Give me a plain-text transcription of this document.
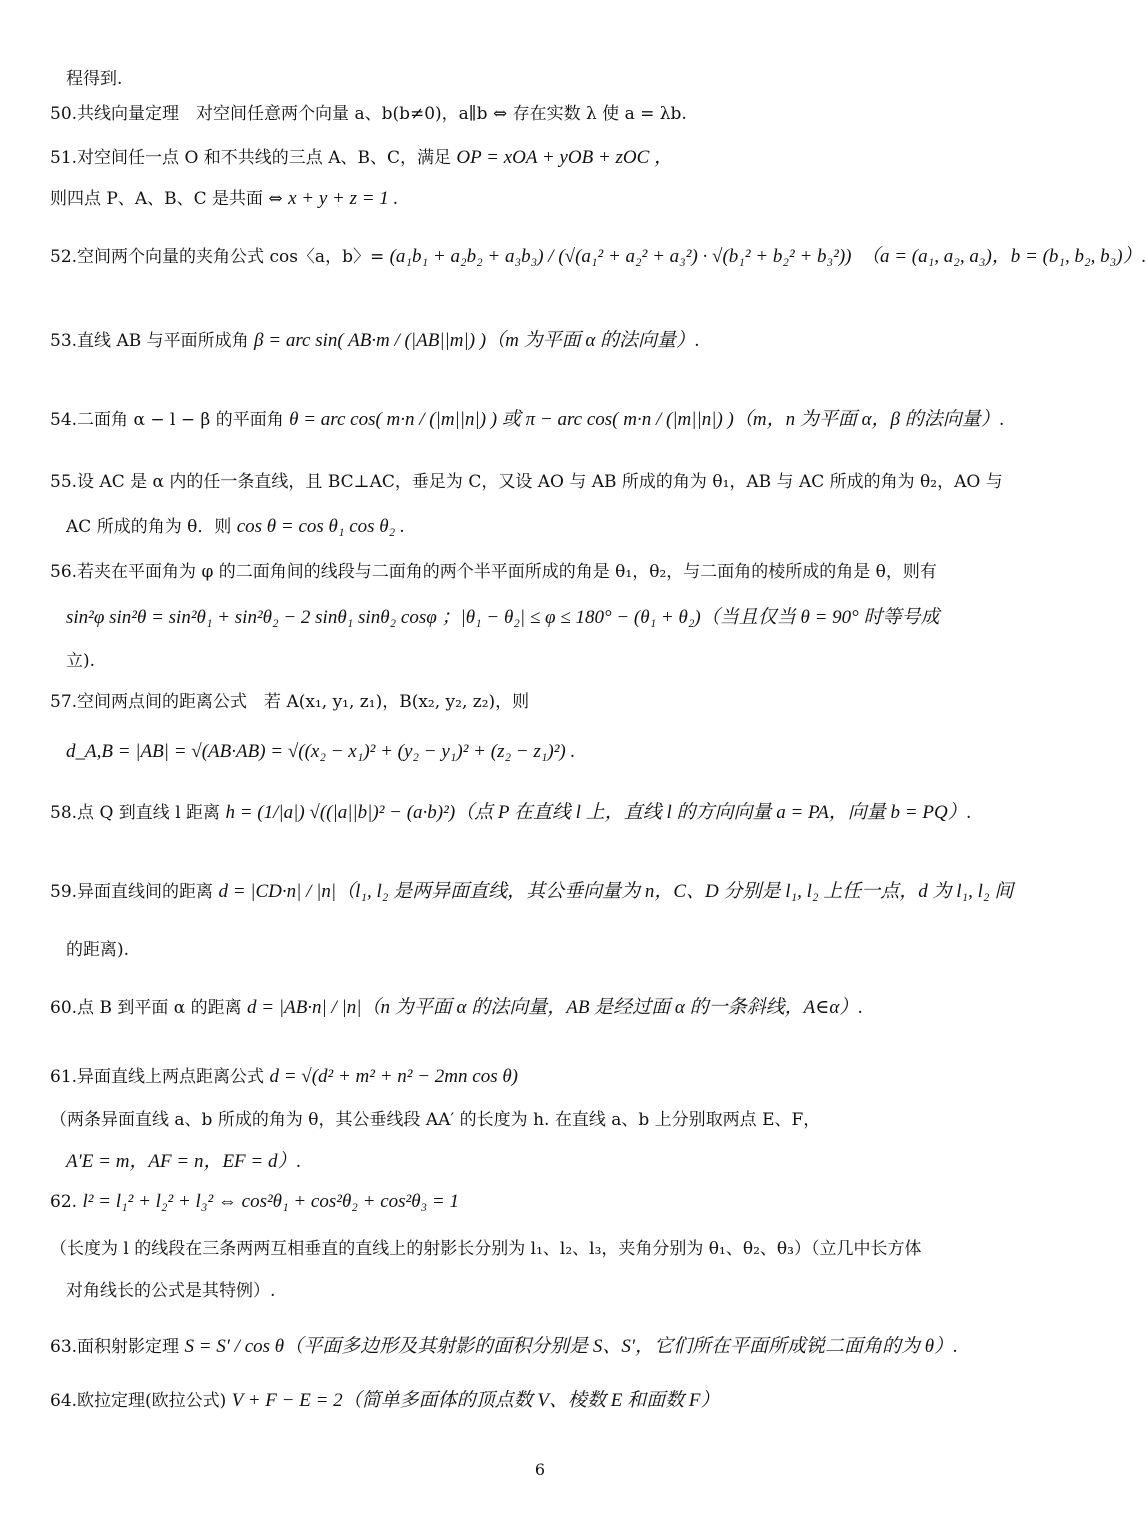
程得到.
50.共线向量定理　对空间任意两个向量 a、b(b≠0)，a∥b ⇔ 存在实数 λ 使 a = λb.
51.对空间任一点 O 和不共线的三点 A、B、C，满足 OP = xOA + yOB + zOC ，
则四点 P、A、B、C 是共面 ⇔ x + y + z = 1 .
52.空间两个向量的夹角公式 cos〈a，b〉= (a₁b₁ + a₂b₂ + a₃b₃) / (√(a₁² + a₂² + a₃²) · √(b₁² + b₂² + b₃²))　（a = (a₁, a₂, a₃)，b = (b₁, b₂, b₃)）.
53.直线 AB 与平面所成角 β = arc sin( AB·m / (|AB||m|) )（m 为平面 α 的法向量）.
54.二面角 α − l − β 的平面角 θ = arc cos( m·n / (|m||n|) ) 或 π − arc cos( m·n / (|m||n|) )（m，n 为平面 α，β 的法向量）.
55.设 AC 是 α 内的任一条直线，且 BC⊥AC，垂足为 C，又设 AO 与 AB 所成的角为 θ₁，AB 与 AC 所成的角为 θ₂，AO 与
AC 所成的角为 θ．则 cos θ = cos θ₁ cos θ₂ .
56.若夹在平面角为 φ 的二面角间的线段与二面角的两个半平面所成的角是 θ₁，θ₂，与二面角的棱所成的角是 θ，则有
sin²φ sin²θ = sin²θ₁ + sin²θ₂ − 2 sinθ₁ sinθ₂ cosφ ；|θ₁ − θ₂| ≤ φ ≤ 180° − (θ₁ + θ₂)（当且仅当 θ = 90° 时等号成
立).
57.空间两点间的距离公式　若 A(x₁, y₁, z₁)，B(x₂, y₂, z₂)，则
d_A,B = |AB| = √(AB·AB) = √((x₂ − x₁)² + (y₂ − y₁)² + (z₂ − z₁)²) .
58.点 Q 到直线 l 距离 h = (1/|a|) √((|a||b|)² − (a·b)²)（点 P 在直线 l 上，直线 l 的方向向量 a = PA，向量 b = PQ）.
59.异面直线间的距离 d = |CD·n| / |n|（l₁, l₂ 是两异面直线，其公垂向量为 n，C、D 分别是 l₁, l₂ 上任一点，d 为 l₁, l₂ 间
的距离).
60.点 B 到平面 α 的距离 d = |AB·n| / |n|（n 为平面 α 的法向量，AB 是经过面 α 的一条斜线，A∈α）.
61.异面直线上两点距离公式 d = √(d² + m² + n² − 2mn cos θ)
（两条异面直线 a、b 所成的角为 θ，其公垂线段 AA′ 的长度为 h. 在直线 a、b 上分别取两点 E、F，
A′E = m，AF = n，EF = d）.
62. l² = l₁² + l₂² + l₃² ⇔ cos²θ₁ + cos²θ₂ + cos²θ₃ = 1
（长度为 l 的线段在三条两两互相垂直的直线上的射影长分别为 l₁、l₂、l₃，夹角分别为 θ₁、θ₂、θ₃）（立几中长方体
对角线长的公式是其特例）.
63.面积射影定理 S = S′ / cos θ（平面多边形及其射影的面积分别是 S、S′，它们所在平面所成锐二面角的为 θ）.
64.欧拉定理(欧拉公式) V + F − E = 2（简单多面体的顶点数 V、棱数 E 和面数 F）
6
